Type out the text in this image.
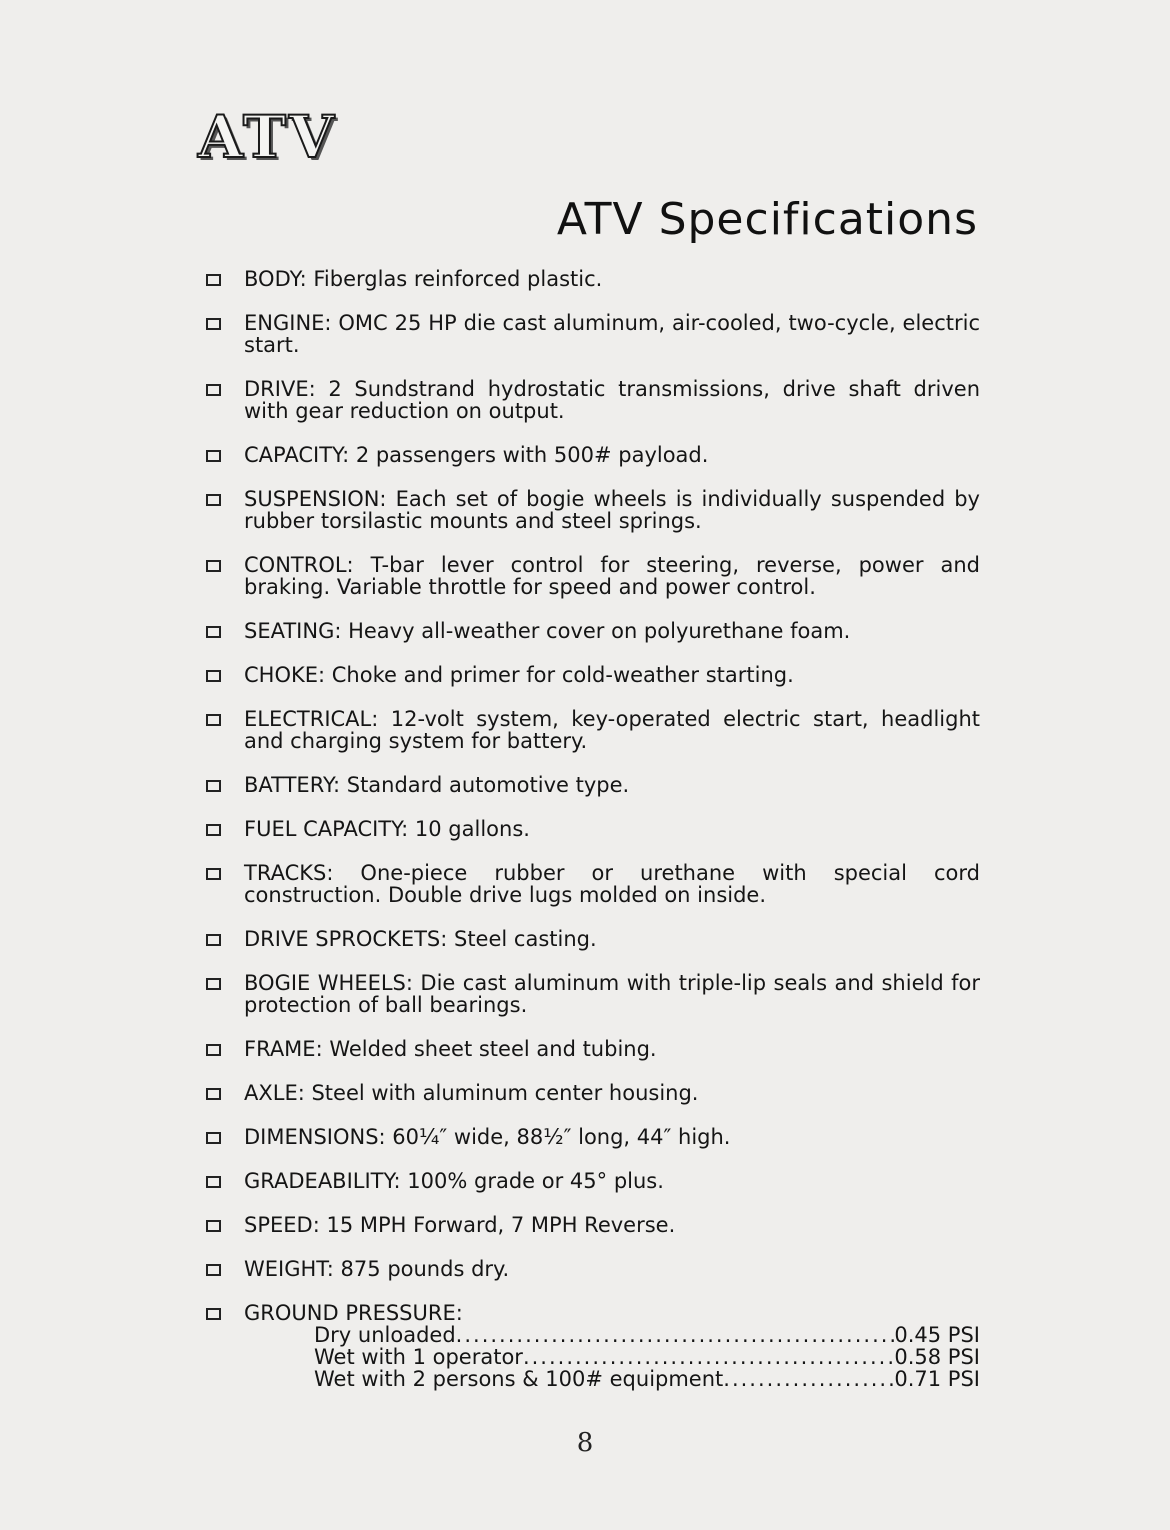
ATV
ATV Specifications
BODY: Fiberglas reinforced plastic.
ENGINE: OMC 25 HP die cast aluminum, air-cooled, two-cycle, electric start.
DRIVE: 2 Sundstrand hydrostatic transmissions, drive shaft driven with gear reduction on output.
CAPACITY: 2 passengers with 500# payload.
SUSPENSION: Each set of bogie wheels is individually suspended by rubber torsilastic mounts and steel springs.
CONTROL: T-bar lever control for steering, reverse, power and braking. Variable throttle for speed and power control.
SEATING: Heavy all-weather cover on polyurethane foam.
CHOKE: Choke and primer for cold-weather starting.
ELECTRICAL: 12-volt system, key-operated electric start, headlight and charging system for battery.
BATTERY: Standard automotive type.
FUEL CAPACITY: 10 gallons.
TRACKS: One-piece rubber or urethane with special cord construction. Double drive lugs molded on inside.
DRIVE SPROCKETS: Steel casting.
BOGIE WHEELS: Die cast aluminum with triple-lip seals and shield for protection of ball bearings.
FRAME: Welded sheet steel and tubing.
AXLE: Steel with aluminum center housing.
DIMENSIONS: 60¼″ wide, 88½″ long, 44″ high.
GRADEABILITY: 100% grade or 45° plus.
SPEED: 15 MPH Forward, 7 MPH Reverse.
WEIGHT: 875 pounds dry.
GROUND PRESSURE:
Dry unloaded .....	0.45 PSI
Wet with 1 operator .....	0.58 PSI
Wet with 2 persons & 100# equipment .....	0.71 PSI
8
